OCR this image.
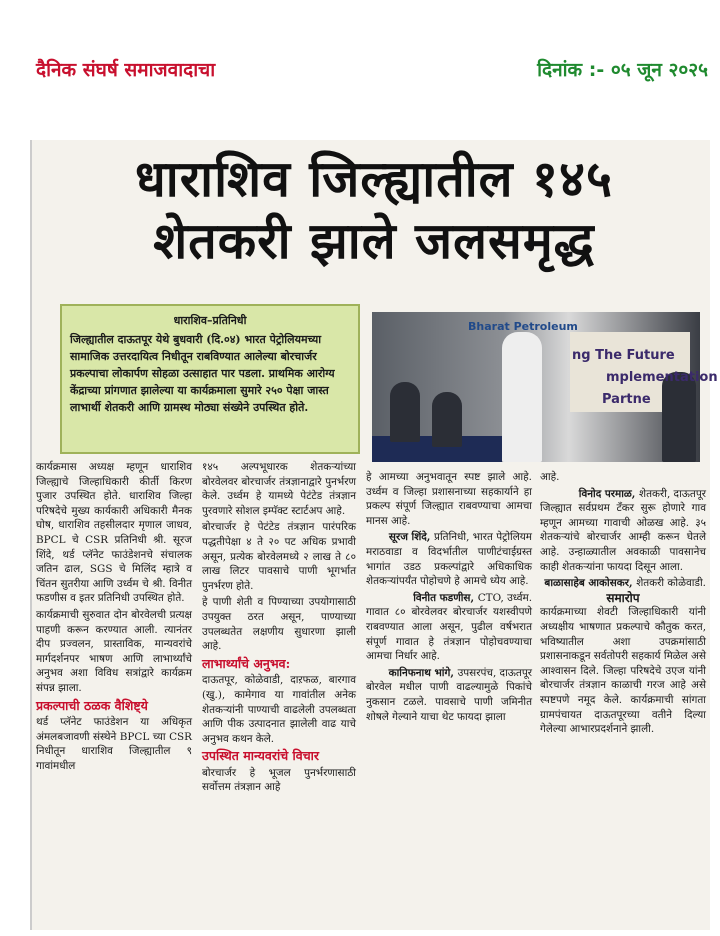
दैनिक संघर्ष समाजवादाचा	दिनांक :- ०५ जून २०२५
धाराशिव जिल्ह्यातील १४५
शेतकरी झाले जलसमृद्ध
धाराशिव–प्रतिनिधी
जिल्ह्यातील दाऊतपूर येथे बुधवारी (दि.०४) भारत पेट्रोलियमच्या सामाजिक उत्तरदायित्व निधीतून राबविण्यात आलेल्या बोरचार्जर प्रकल्पाचा लोकार्पण सोहळा उत्साहात पार पडला. प्राथमिक आरोग्य केंद्राच्या प्रांगणात झालेल्या या कार्यक्रमाला सुमारे २५० पेक्षा जास्त लाभार्थी शेतकरी आणि ग्रामस्थ मोठ्या संख्येने उपस्थित होते.
Bharat Petroleum
ng The Future
mplementation
Partne

कार्यक्रमास अध्यक्ष म्हणून धाराशिव जिल्ह्याचे जिल्हाधिकारी कीर्ती किरण पुजार उपस्थित होते. धाराशिव जिल्हा परिषदेचे मुख्य कार्यकारी अधिकारी मैनक घोष, धाराशिव तहसीलदार मृणाल जाधव, BPCL चे CSR प्रतिनिधी श्री. सूरज शिंदे, थर्ड प्लॅनेट फाउंडेशनचे संचालक जतिन ढाल, SGS चे मिलिंद म्हात्रे व चिंतन सुतरीया आणि उर्ध्वम चे श्री. विनीत फडणीस व इतर प्रतिनिधी उपस्थित होते.

कार्यक्रमाची सुरुवात दोन बोरवेलची प्रत्यक्ष पाहणी करून करण्यात आली. त्यानंतर दीप प्रज्वलन, प्रास्ताविक, मान्यवरांचे मार्गदर्शनपर भाषण आणि लाभार्थ्यांचे अनुभव अशा विविध सत्रांद्वारे कार्यक्रम संपन्न झाला.

प्रकल्पाची ठळक वैशिष्ट्ये

थर्ड प्लॅनेट फाउंडेशन या अधिकृत अंमलबजावणी संस्थेने BPCL च्या CSR निधीतून धाराशिव जिल्ह्यातील ९ गावांमधील

१४५ अल्पभूधारक शेतकऱ्यांच्या बोरवेलवर बोरचार्जर तंत्रज्ञानाद्वारे पुनर्भरण केले. उर्ध्वम हे यामध्ये पेटंटेड तंत्रज्ञान पुरवणारे सोशल इम्पॅक्ट स्टार्टअप आहे.

बोरचार्जर हे पेटंटेड तंत्रज्ञान पारंपरिक पद्धतीपेक्षा ४ ते २० पट अधिक प्रभावी असून, प्रत्येक बोरवेलमध्ये २ लाख ते ८० लाख लिटर पावसाचे पाणी भूगर्भात पुनर्भरण होते.

हे पाणी शेती व पिण्याच्या उपयोगासाठी उपयुक्त ठरत असून, पाण्याच्या उपलब्धतेत लक्षणीय सुधारणा झाली आहे.

लाभार्थ्यांचे अनुभव:

दाऊतपूर, कोळेवाडी, दाऱफळ, बारगाव (खु.), कामेगाव या गावांतील अनेक शेतकऱ्यांनी पाण्याची वाढलेली उपलब्धता आणि पीक उत्पादनात झालेली वाढ याचे अनुभव कथन केले.

उपस्थित मान्यवरांचे विचार

बोरचार्जर हे भूजल पुनर्भरणासाठी सर्वोत्तम तंत्रज्ञान आहे

हे आमच्या अनुभवातून स्पष्ट झाले आहे. उर्ध्वम व जिल्हा प्रशासनाच्या सहकार्याने हा प्रकल्प संपूर्ण जिल्ह्यात राबवण्याचा आमचा मानस आहे.

सूरज शिंदे, प्रतिनिधी, भारत पेट्रोलियम

मराठवाडा व विदर्भातील पाणीटंचाईग्रस्त भागांत उडठ प्रकल्पांद्वारे अधिकाधिक शेतकऱ्यांपर्यंत पोहोचणे हे आमचे ध्येय आहे.

विनीत फडणीस, CTO, उर्ध्वम.

गावात ८० बोरवेलवर बोरचार्जर यशस्वीपणे राबवण्यात आला असून, पुढील वर्षभरात संपूर्ण गावात हे तंत्रज्ञान पोहोचवण्याचा आमचा निर्धार आहे.

कानिफनाथ भांगे, उपसरपंच, दाऊतपूर

बोरवेल मधील पाणी वाढल्यामुळे पिकांचे नुकसान टळले. पावसाचे पाणी जमिनीत शोषले गेल्याने याचा थेट फायदा झाला

आहे.

विनोद परमाळ, शेतकरी, दाऊतपूर

जिल्ह्यात सर्वप्रथम टँकर सुरू होणारे गाव म्हणून आमच्या गावाची ओळख आहे. ३५ शेतकऱ्यांचे बोरचार्जर आम्ही करून घेतले आहे. उन्हाळ्यातील अवकाळी पावसानेच काही शेतकऱ्यांना फायदा दिसून आला.

बाळासाहेब आकोसकर, शेतकरी कोळेवाडी.
समारोप

कार्यक्रमाच्या शेवटी जिल्हाधिकारी यांनी अध्यक्षीय भाषणात प्रकल्पाचे कौतुक करत, भविष्यातील अशा उपक्रमांसाठी प्रशासनाकडून सर्वतोपरी सहकार्य मिळेल असे आश्वासन दिले. जिल्हा परिषदेचे उएज यांनी बोरचार्जर तंत्रज्ञान काळाची गरज आहे असे स्पष्टपणे नमूद केले. कार्यक्रमाची सांगता ग्रामपंचायत दाऊतपूरच्या वतीने दिल्या गेलेल्या आभारप्रदर्शनाने झाली.
